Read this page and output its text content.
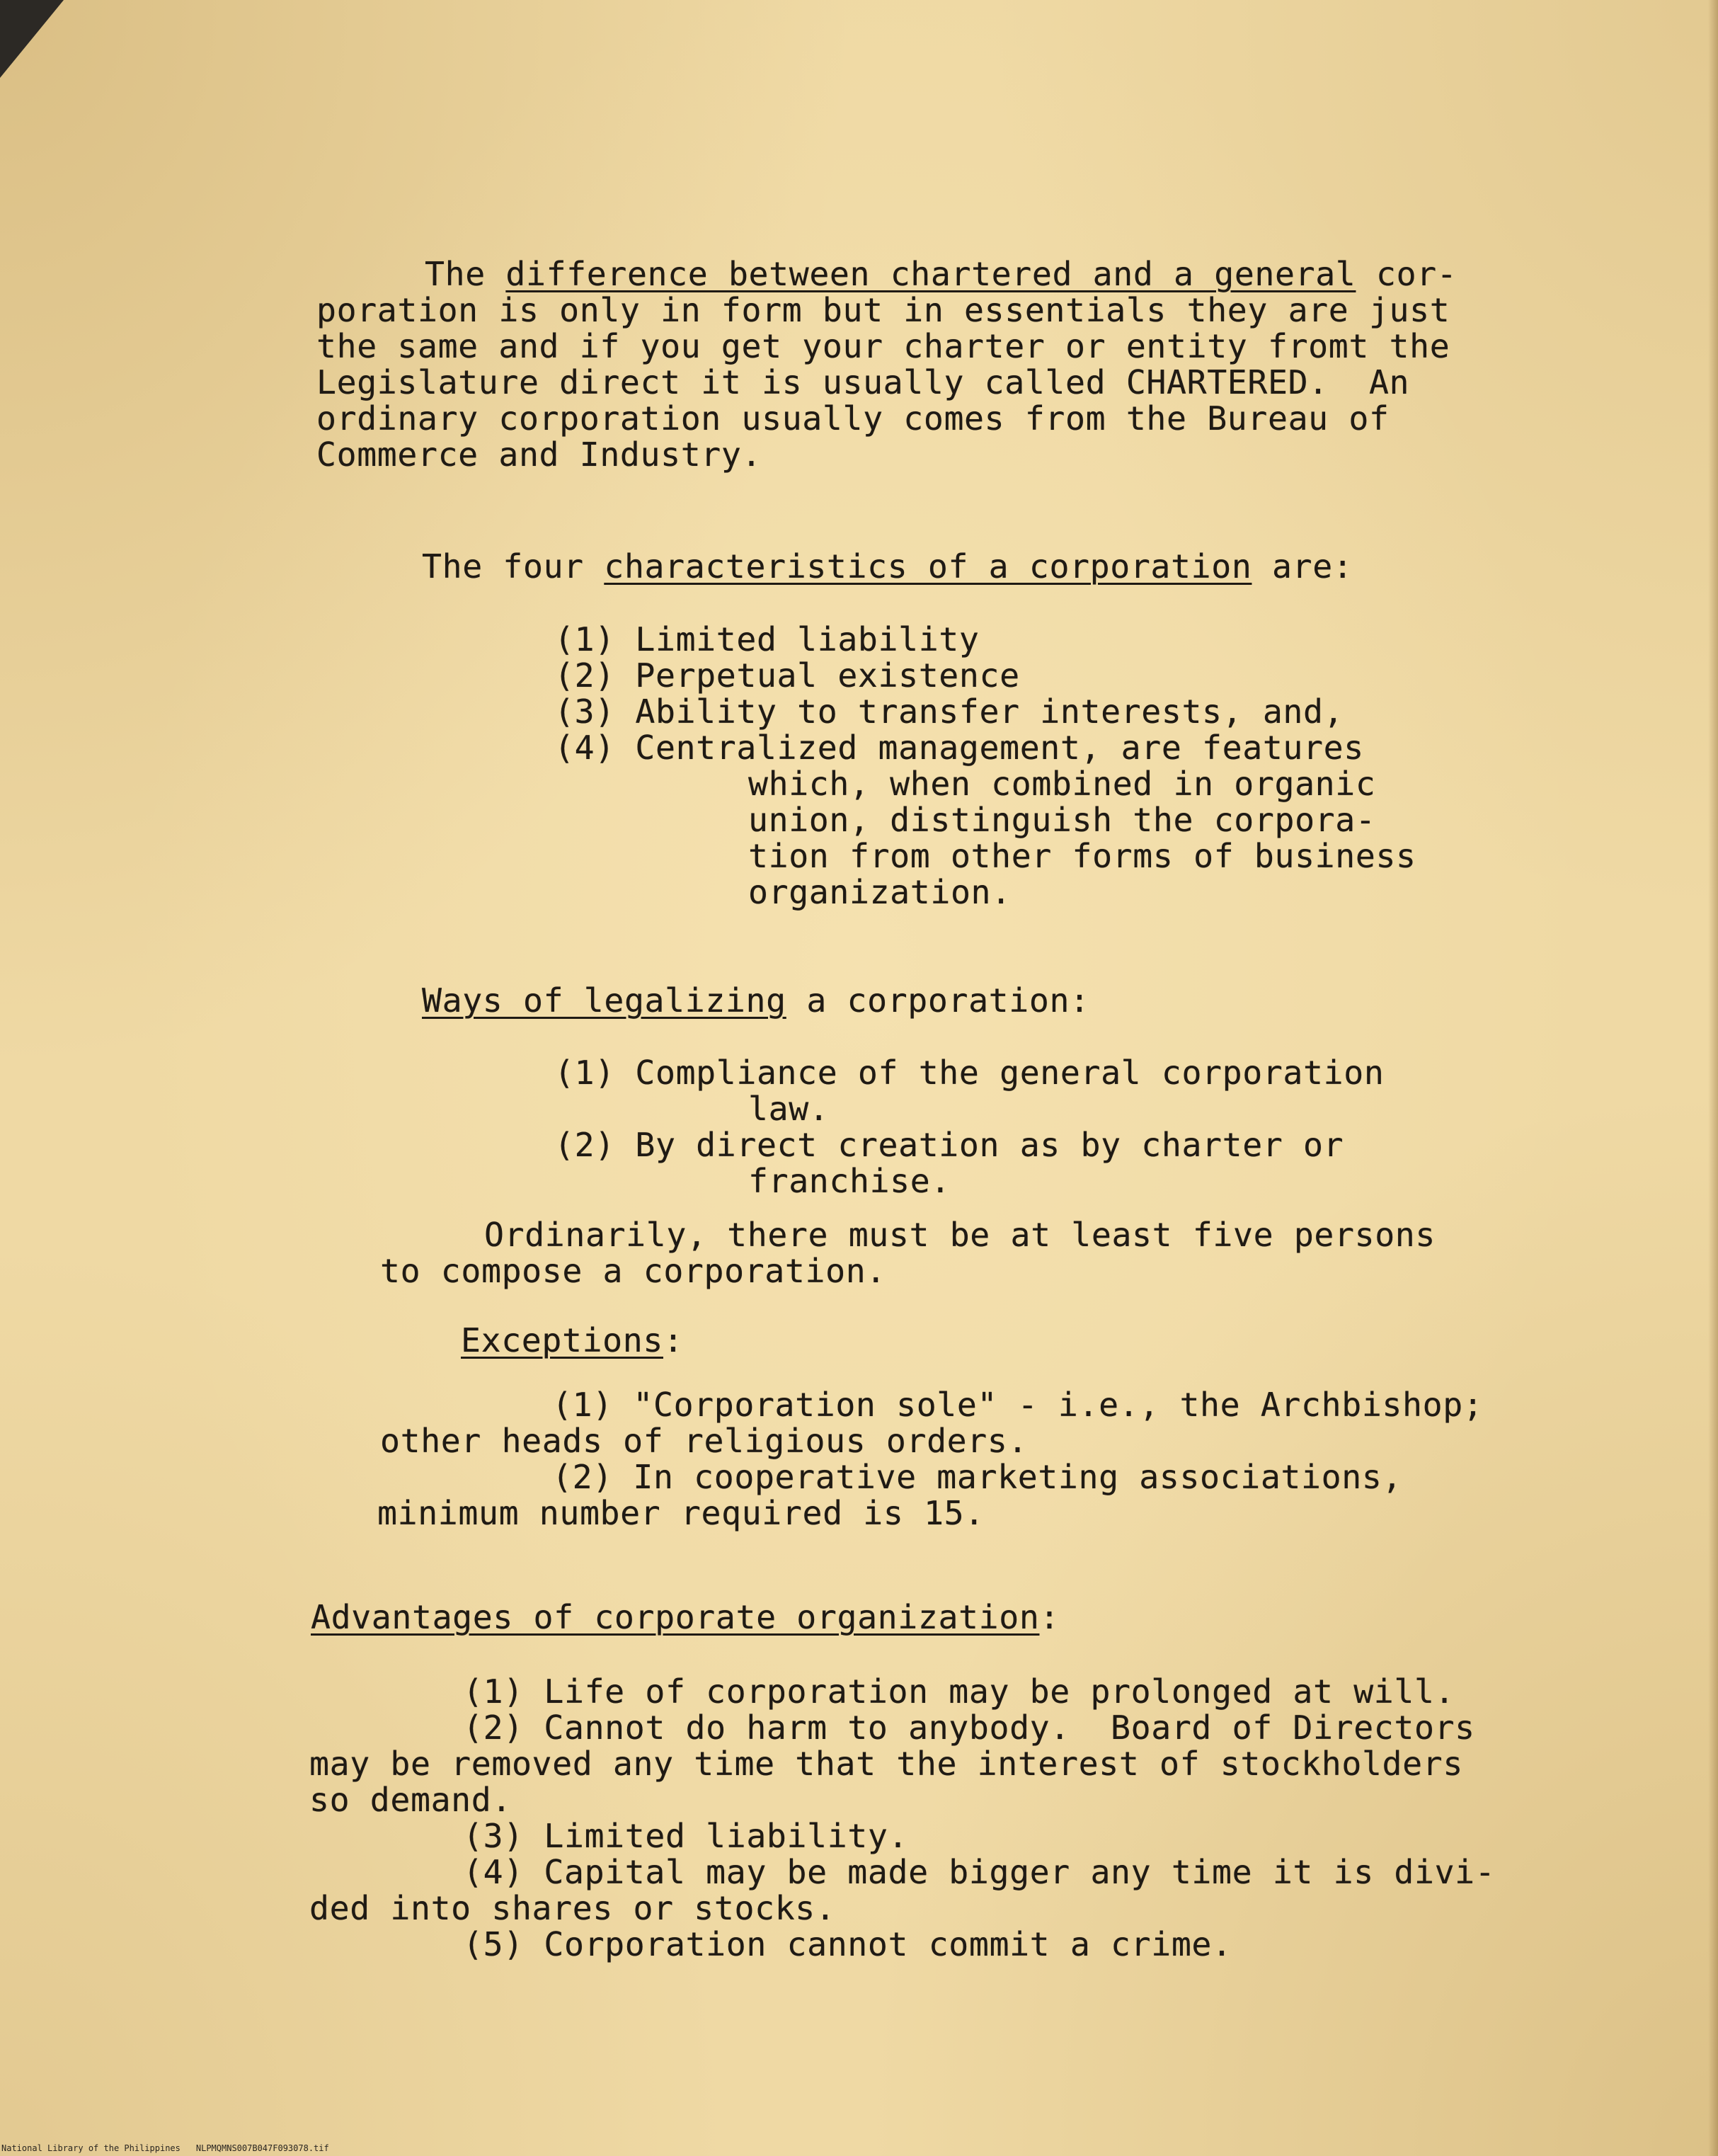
The difference between chartered and a general cor-
poration is only in form but in essentials they are just
the same and if you get your charter or entity fromt the
Legislature direct it is usually called CHARTERED.  An
ordinary corporation usually comes from the Bureau of
Commerce and Industry.
The four characteristics of a corporation are:
(1) Limited liability
(2) Perpetual existence
(3) Ability to transfer interests, and,
(4) Centralized management, are features
which, when combined in organic
union, distinguish the corpora-
tion from other forms of business
organization.
Ways of legalizing a corporation:
(1) Compliance of the general corporation
law.
(2) By direct creation as by charter or
franchise.
Ordinarily, there must be at least five persons
to compose a corporation.
Exceptions:
(1) "Corporation sole" - i.e., the Archbishop;
other heads of religious orders.
(2) In cooperative marketing associations,
minimum number required is 15.
Advantages of corporate organization:
(1) Life of corporation may be prolonged at will.
(2) Cannot do harm to anybody.  Board of Directors
may be removed any time that the interest of stockholders
so demand.
(3) Limited liability.
(4) Capital may be made bigger any time it is divi-
ded into shares or stocks.
(5) Corporation cannot commit a crime.
National Library of the Philippines NLPMQMNS007B047F093078.tif
